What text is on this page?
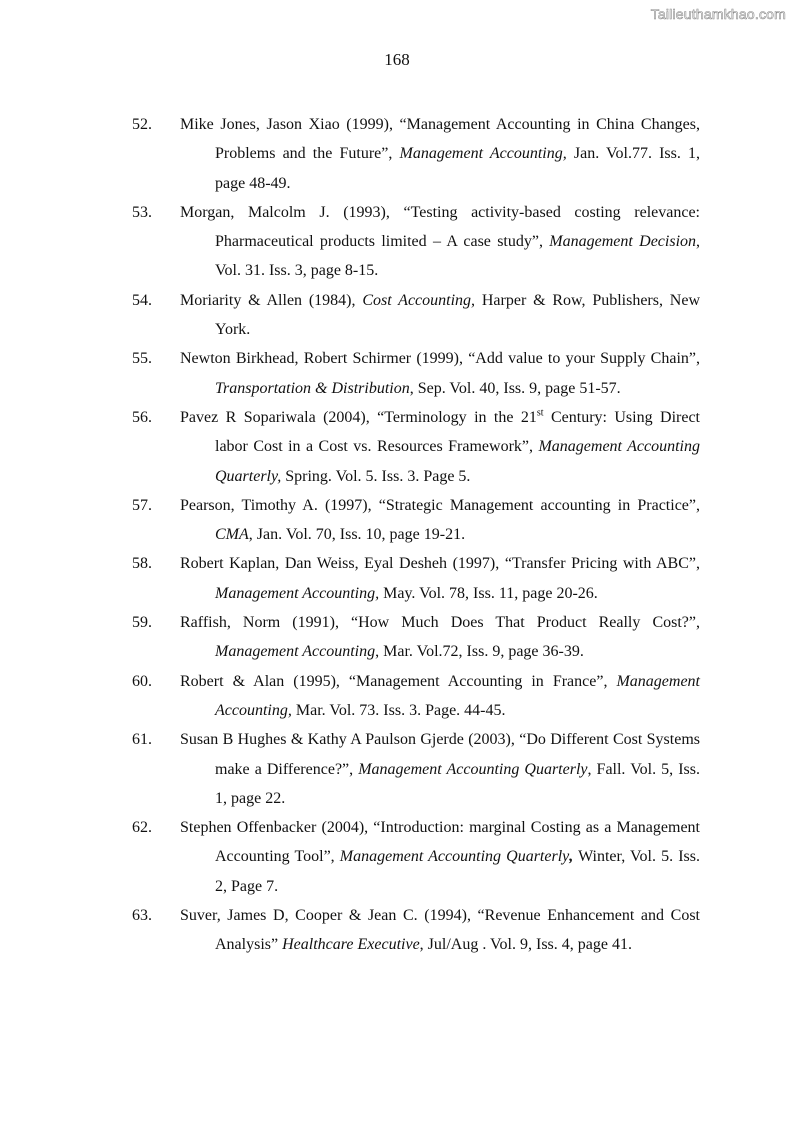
Tailieuthamkhao.com
168
52. Mike Jones, Jason Xiao (1999), “Management Accounting in China Changes, Problems and the Future”, Management Accounting, Jan. Vol.77. Iss. 1, page 48-49.
53. Morgan, Malcolm J. (1993), “Testing activity-based costing relevance: Pharmaceutical products limited – A case study”, Management Decision, Vol. 31. Iss. 3, page 8-15.
54. Moriarity & Allen (1984), Cost Accounting, Harper & Row, Publishers, New York.
55. Newton Birkhead, Robert Schirmer (1999), “Add value to your Supply Chain”, Transportation & Distribution, Sep. Vol. 40, Iss. 9, page 51-57.
56. Pavez R Sopariwala (2004), “Terminology in the 21st Century: Using Direct labor Cost in a Cost vs. Resources Framework”, Management Accounting Quarterly, Spring. Vol. 5. Iss. 3. Page 5.
57. Pearson, Timothy A. (1997), “Strategic Management accounting in Practice”, CMA, Jan. Vol. 70, Iss. 10, page 19-21.
58. Robert Kaplan, Dan Weiss, Eyal Desheh (1997), “Transfer Pricing with ABC”, Management Accounting, May. Vol. 78, Iss. 11, page 20-26.
59. Raffish, Norm (1991), “How Much Does That Product Really Cost?”, Management Accounting, Mar. Vol.72, Iss. 9, page 36-39.
60. Robert & Alan (1995), “Management Accounting in France”, Management Accounting, Mar. Vol. 73. Iss. 3. Page. 44-45.
61. Susan B Hughes & Kathy A Paulson Gjerde (2003), “Do Different Cost Systems make a Difference?”, Management Accounting Quarterly, Fall. Vol. 5, Iss. 1, page 22.
62. Stephen Offenbacker (2004), “Introduction: marginal Costing as a Management Accounting Tool”, Management Accounting Quarterly, Winter, Vol. 5. Iss. 2, Page 7.
63. Suver, James D, Cooper & Jean C. (1994), “Revenue Enhancement and Cost Analysis” Healthcare Executive, Jul/Aug . Vol. 9, Iss. 4, page 41.
